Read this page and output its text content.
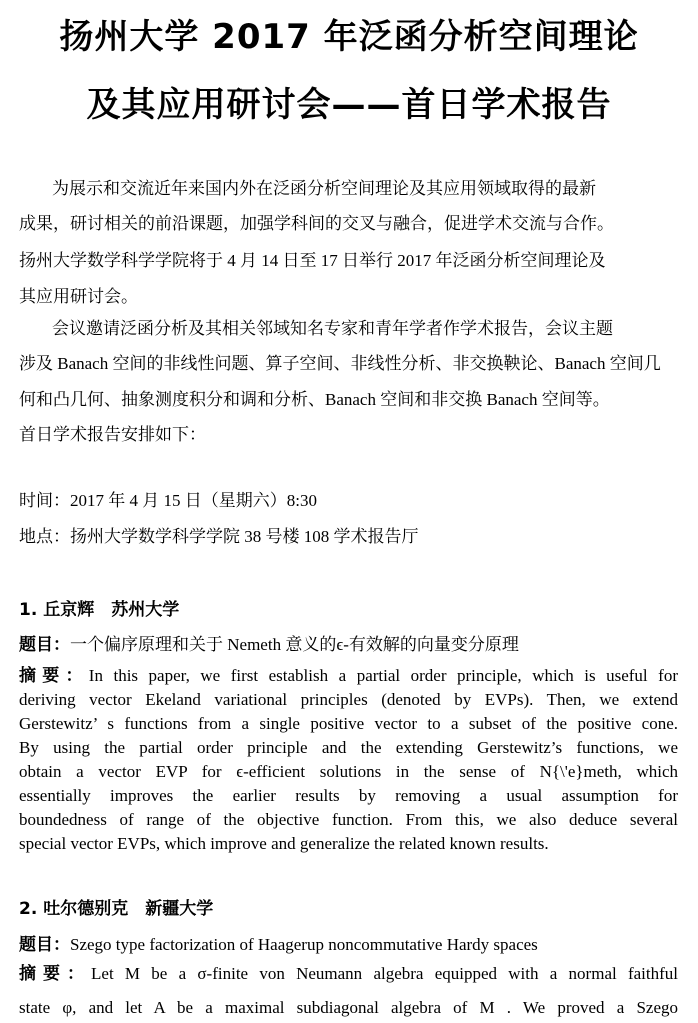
扬州大学 2017 年泛函分析空间理论
及其应用研讨会——首日学术报告
为展示和交流近年来国内外在泛函分析空间理论及其应用领域取得的最新
成果，研讨相关的前沿课题，加强学科间的交叉与融合，促进学术交流与合作。
扬州大学数学科学学院将于 4 月 14 日至 17 日举行 2017 年泛函分析空间理论及
其应用研讨会。
会议邀请泛函分析及其相关邻域知名专家和青年学者作学术报告，会议主题
涉及 Banach 空间的非线性问题、算子空间、非线性分析、非交换鞅论、Banach 空间几
何和凸几何、抽象测度积分和调和分析、Banach 空间和非交换 Banach 空间等。
首日学术报告安排如下：
时间：2017 年 4 月 15 日（星期六）8:30
地点：扬州大学数学科学学院 38 号楼 108 学术报告厅
1. 丘京辉　苏州大学
题目：一个偏序原理和关于 Nemeth 意义的ϵ-有效解的向量变分原理
摘要：In this paper, we first establish a partial order principle, which is useful for
deriving vector Ekeland variational principles (denoted by EVPs). Then, we extend
Gerstewitz’ s functions from a single positive vector to a subset of the positive cone.
By using the partial order principle and the extending Gerstewitz’s functions, we
obtain a vector EVP for ϵ-efficient solutions in the sense of N{\'e}meth, which
essentially improves the earlier results by removing a usual assumption for
boundedness of range of the objective function. From this, we also deduce several
special vector EVPs, which improve and generalize the related known results.
2. 吐尔德别克　新疆大学
题目：Szego type factorization of Haagerup noncommutative Hardy spaces
摘要：Let M be a σ-finite von Neumann algebra equipped with a normal faithful
state φ, and let A be a maximal subdiagonal algebra of M . We proved a Szego
